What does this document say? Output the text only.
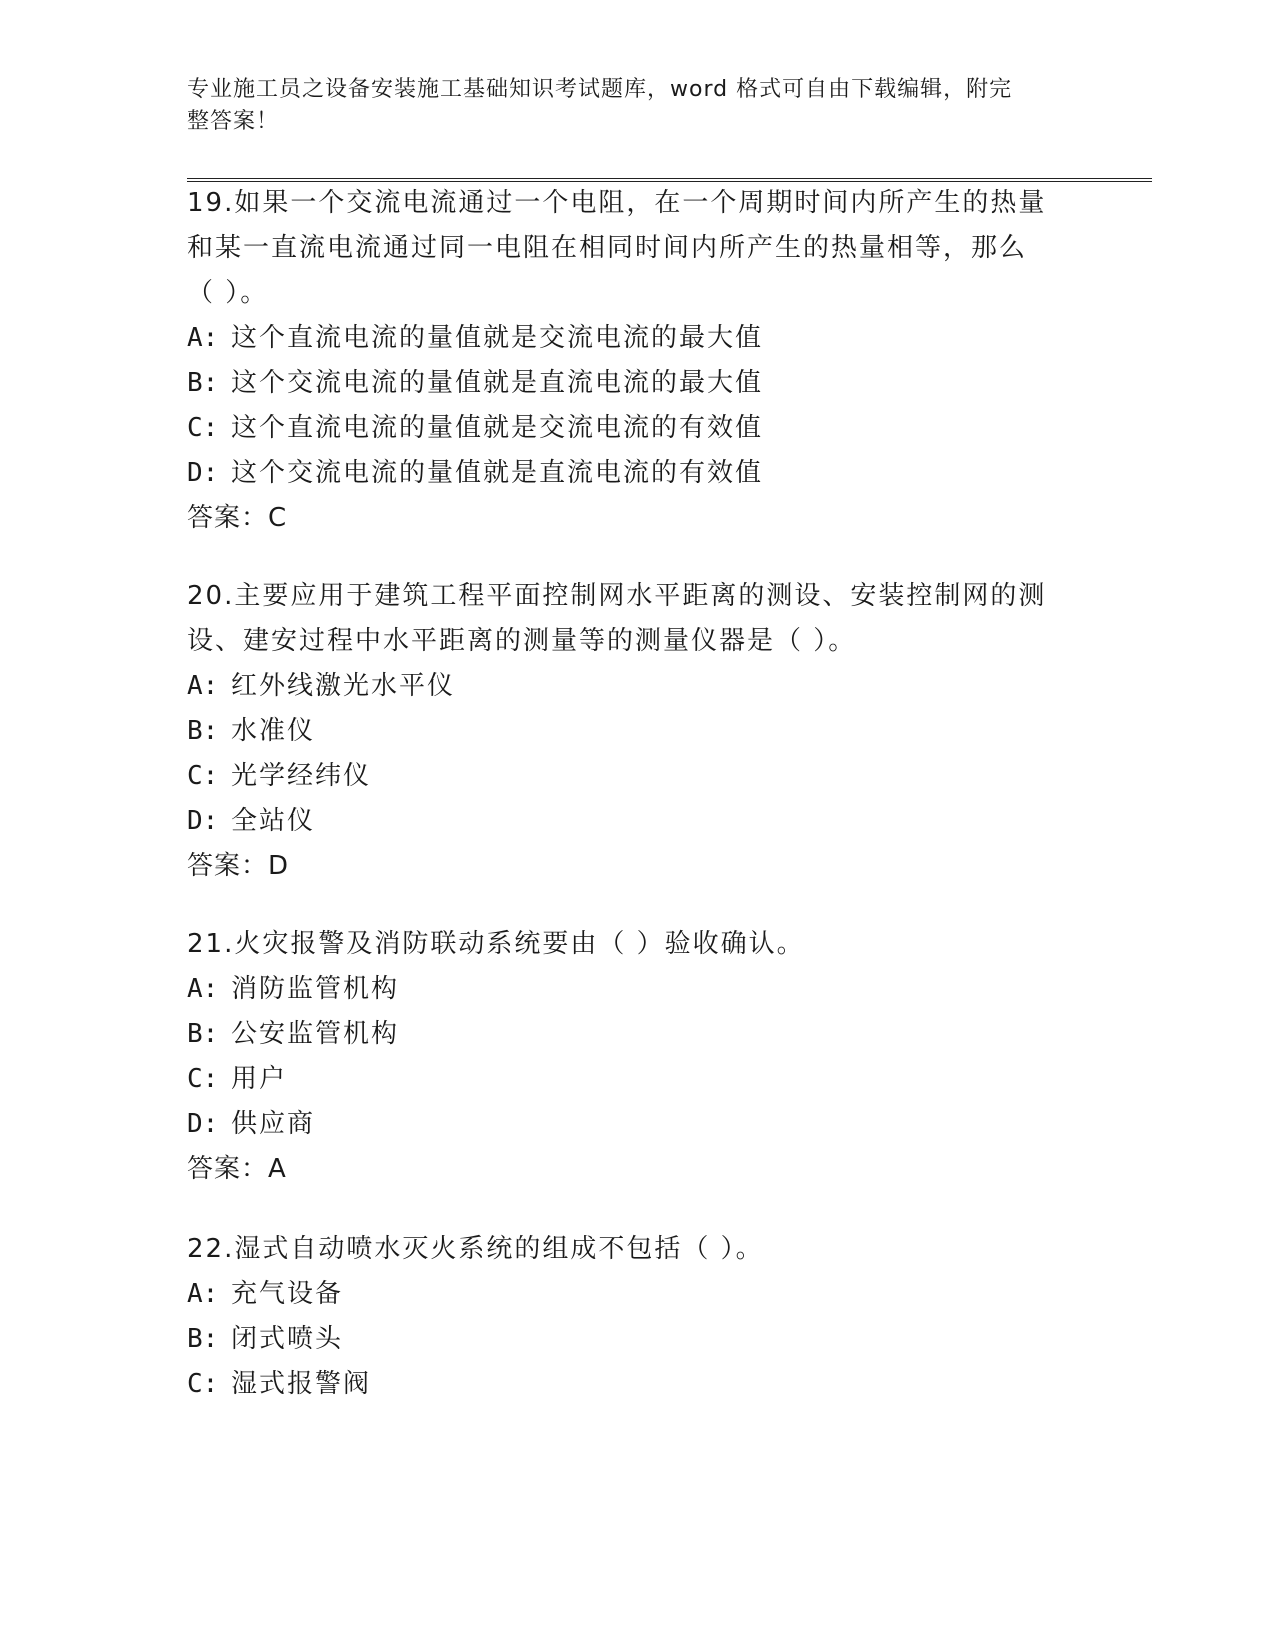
专业施工员之设备安装施工基础知识考试题库，word 格式可自由下载编辑，附完
整答案！

19.如果一个交流电流通过一个电阻，在一个周期时间内所产生的热量

和某一直流电流通过同一电阻在相同时间内所产生的热量相等，那么

（ ）。

A: 这个直流电流的量值就是交流电流的最大值

B: 这个交流电流的量值就是直流电流的最大值

C: 这个直流电流的量值就是交流电流的有效值

D: 这个交流电流的量值就是直流电流的有效值

答案：C

20.主要应用于建筑工程平面控制网水平距离的测设、安装控制网的测

设、建安过程中水平距离的测量等的测量仪器是（ ）。

A: 红外线激光水平仪

B: 水准仪

C: 光学经纬仪

D: 全站仪

答案：D

21.火灾报警及消防联动系统要由（ ）验收确认。

A: 消防监管机构

B: 公安监管机构

C: 用户

D: 供应商

答案：A

22.湿式自动喷水灭火系统的组成不包括（ ）。

A: 充气设备

B: 闭式喷头

C: 湿式报警阀
